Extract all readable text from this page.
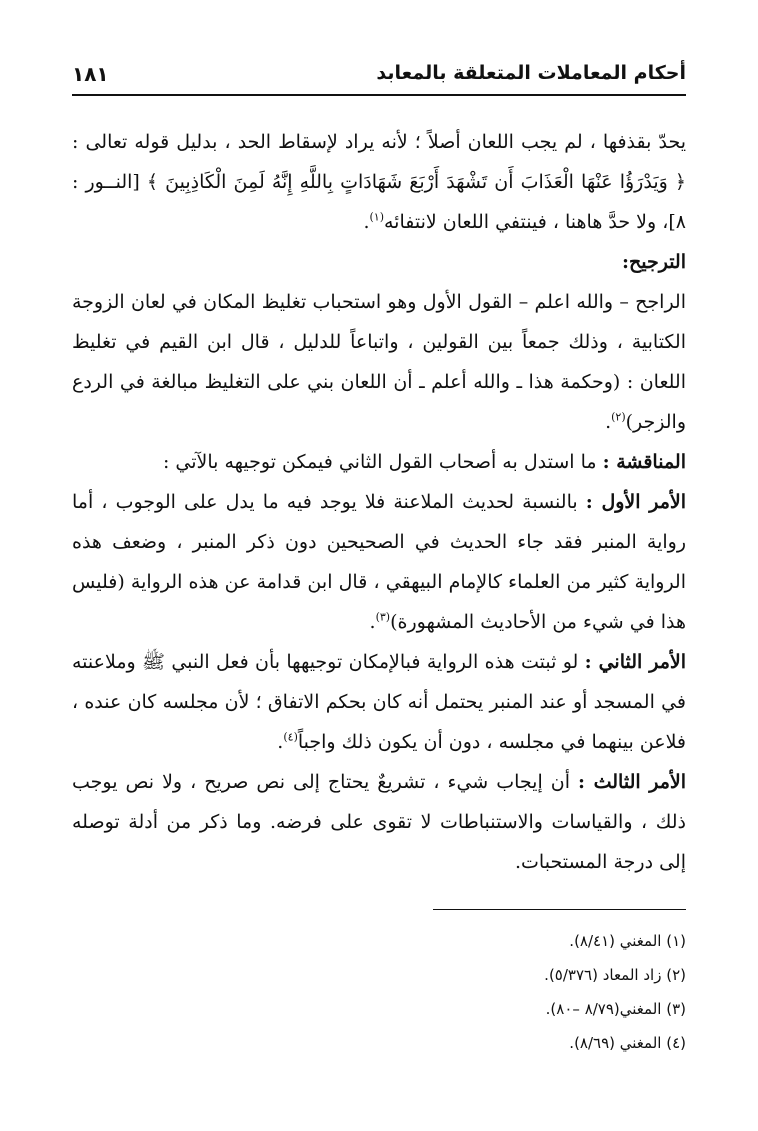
أحكام المعاملات المتعلقة بالمعابد
١٨١

يحدّ بقذفها ، لم يجب اللعان أصلاً ؛ لأنه يراد لإسقاط الحد ، بدليل قوله تعالى : ﴿ وَيَدْرَؤُا عَنْهَا الْعَذَابَ أَن تَشْهَدَ أَرْبَعَ شَهَادَاتٍ بِاللَّهِ إِنَّهُ لَمِنَ الْكَاذِبِينَ ﴾ [النــور : ٨]، ولا حدَّ هاهنا ، فينتفي اللعان لانتفائه$^{(١)}$.

الترجيح:

الراجح – والله اعلم – القول الأول وهو استحباب تغليظ المكان في لعان الزوجة الكتابية ، وذلك جمعاً بين القولين ، واتباعاً للدليل ، قال ابن القيم في تغليظ اللعان : (وحكمة هذا ـ والله أعلم ـ أن اللعان بني على التغليظ مبالغة في الردع والزجر)$^{(٢)}$.

المناقشة : ما استدل به أصحاب القول الثاني فيمكن توجيهه بالآتي :

الأمر الأول : بالنسبة لحديث الملاعنة فلا يوجد فيه ما يدل على الوجوب ، أما رواية المنبر فقد جاء الحديث في الصحيحين دون ذكر المنبر ، وضعف هذه الرواية كثير من العلماء كالإمام البيهقي ، قال ابن قدامة عن هذه الرواية (فليس هذا في شيء من الأحاديث المشهورة)$^{(٣)}$.

الأمر الثاني : لو ثبتت هذه الرواية فبالإمكان توجيهها بأن فعل النبي ﷺ وملاعنته في المسجد أو عند المنبر يحتمل أنه كان بحكم الاتفاق ؛ لأن مجلسه كان عنده ، فلاعن بينهما في مجلسه ، دون أن يكون ذلك واجباً$^{(٤)}$.

الأمر الثالث : أن إيجاب شيء ، تشريعٌ يحتاج إلى نص صريح ، ولا نص يوجب ذلك ، والقياسات والاستنباطات لا تقوى على فرضه. وما ذكر من أدلة توصله إلى درجة المستحبات.

(١) المغني (٨/٤١).
(٢) زاد المعاد (٥/٣٧٦).
(٣) المغني(٨/٧٩ –٨٠).
(٤) المغني (٨/٦٩).
